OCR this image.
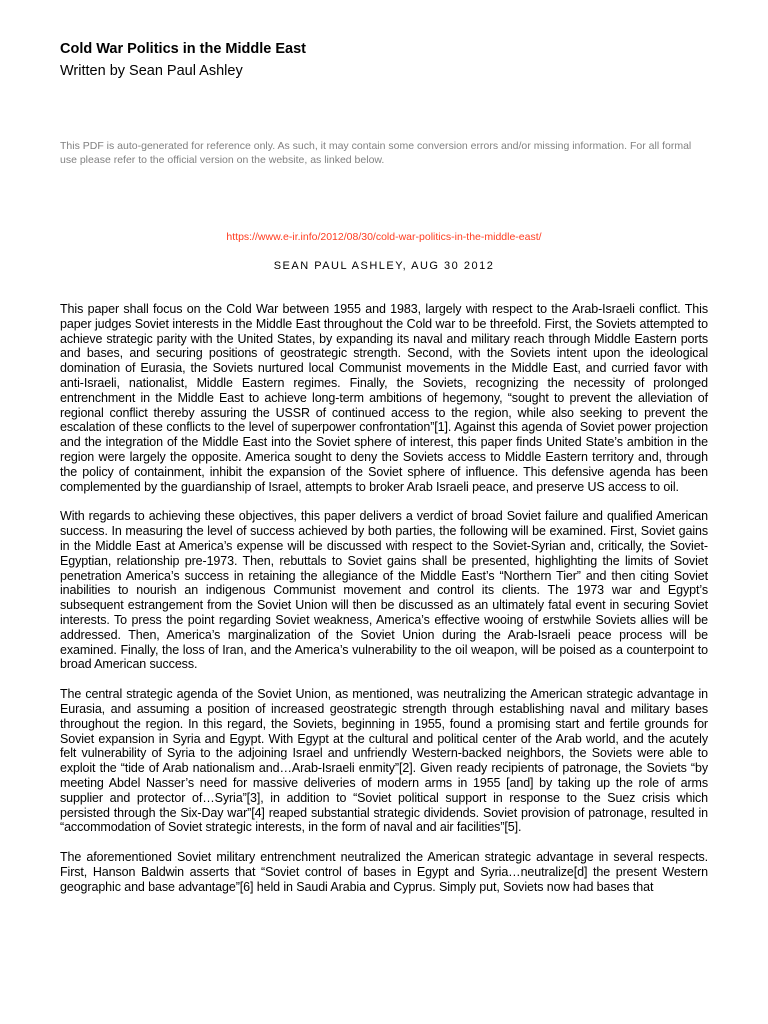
Cold War Politics in the Middle East
Written by Sean Paul Ashley
This PDF is auto-generated for reference only. As such, it may contain some conversion errors and/or missing information. For all formal use please refer to the official version on the website, as linked below.
https://www.e-ir.info/2012/08/30/cold-war-politics-in-the-middle-east/
SEAN PAUL ASHLEY, AUG 30 2012

This paper shall focus on the Cold War between 1955 and 1983, largely with respect to the Arab-Israeli conflict. This paper judges Soviet interests in the Middle East throughout the Cold war to be threefold. First, the Soviets attempted to achieve strategic parity with the United States, by expanding its naval and military reach through Middle Eastern ports and bases, and securing positions of geostrategic strength. Second, with the Soviets intent upon the ideological domination of Eurasia, the Soviets nurtured local Communist movements in the Middle East, and curried favor with anti-Israeli, nationalist, Middle Eastern regimes. Finally, the Soviets, recognizing the necessity of prolonged entrenchment in the Middle East to achieve long-term ambitions of hegemony, “sought to prevent the alleviation of regional conflict thereby assuring the USSR of continued access to the region, while also seeking to prevent the escalation of these conflicts to the level of superpower confrontation”[1]. Against this agenda of Soviet power projection and the integration of the Middle East into the Soviet sphere of interest, this paper finds United State’s ambition in the region were largely the opposite. America sought to deny the Soviets access to Middle Eastern territory and, through the policy of containment, inhibit the expansion of the Soviet sphere of influence. This defensive agenda has been complemented by the guardianship of Israel, attempts to broker Arab Israeli peace, and preserve US access to oil.

With regards to achieving these objectives, this paper delivers a verdict of broad Soviet failure and qualified American success. In measuring the level of success achieved by both parties, the following will be examined. First, Soviet gains in the Middle East at America’s expense will be discussed with respect to the Soviet-Syrian and, critically, the Soviet-Egyptian, relationship pre-1973. Then, rebuttals to Soviet gains shall be presented, highlighting the limits of Soviet penetration America’s success in retaining the allegiance of the Middle East’s “Northern Tier” and then citing Soviet inabilities to nourish an indigenous Communist movement and control its clients. The 1973 war and Egypt’s subsequent estrangement from the Soviet Union will then be discussed as an ultimately fatal event in securing Soviet interests. To press the point regarding Soviet weakness, America’s effective wooing of erstwhile Soviets allies will be addressed. Then, America’s marginalization of the Soviet Union during the Arab-Israeli peace process will be examined. Finally, the loss of Iran, and the America’s vulnerability to the oil weapon, will be poised as a counterpoint to broad American success.

The central strategic agenda of the Soviet Union, as mentioned, was neutralizing the American strategic advantage in Eurasia, and assuming a position of increased geostrategic strength through establishing naval and military bases throughout the region. In this regard, the Soviets, beginning in 1955, found a promising start and fertile grounds for Soviet expansion in Syria and Egypt. With Egypt at the cultural and political center of the Arab world, and the acutely felt vulnerability of Syria to the adjoining Israel and unfriendly Western-backed neighbors, the Soviets were able to exploit the “tide of Arab nationalism and…Arab-Israeli enmity”[2]. Given ready recipients of patronage, the Soviets “by meeting Abdel Nasser’s need for massive deliveries of modern arms in 1955 [and] by taking up the role of arms supplier and protector of…Syria”[3], in addition to “Soviet political support in response to the Suez crisis which persisted through the Six-Day war”[4] reaped substantial strategic dividends. Soviet provision of patronage, resulted in “accommodation of Soviet strategic interests, in the form of naval and air facilities”[5].

The aforementioned Soviet military entrenchment neutralized the American strategic advantage in several respects. First, Hanson Baldwin asserts that “Soviet control of bases in Egypt and Syria…neutralize[d] the present Western geographic and base advantage”[6] held in Saudi Arabia and Cyprus. Simply put, Soviets now had bases that
